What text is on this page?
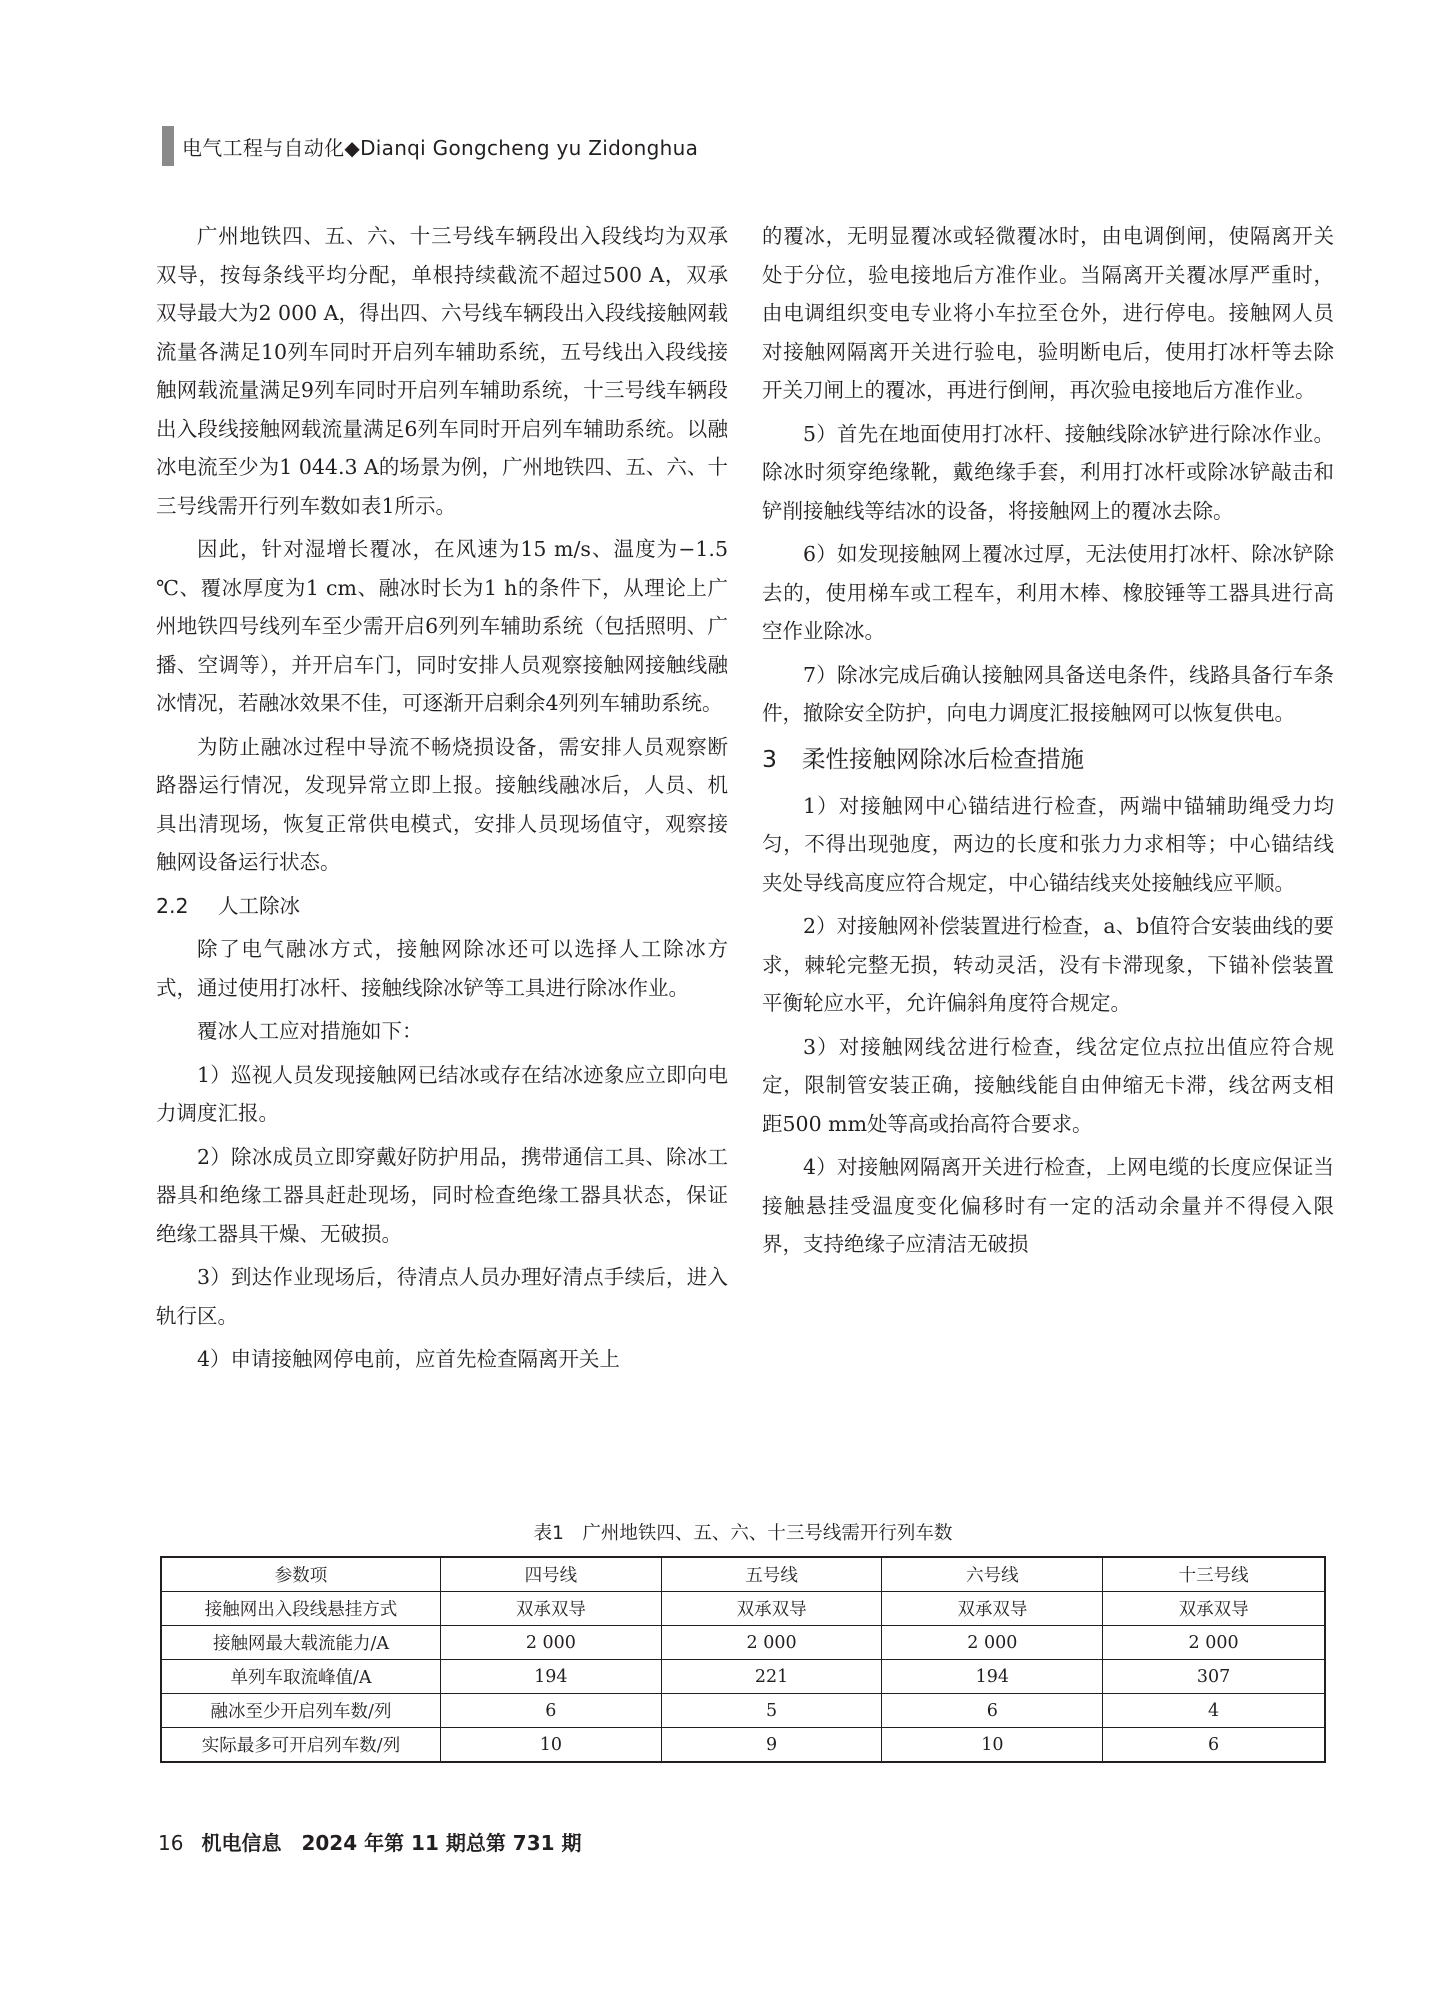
电气工程与自动化◆Dianqi Gongcheng yu Zidonghua

广州地铁四、五、六、十三号线车辆段出入段线均为双承双导，按每条线平均分配，单根持续截流不超过500 A，双承双导最大为2 000 A，得出四、六号线车辆段出入段线接触网载流量各满足10列车同时开启列车辅助系统，五号线出入段线接触网载流量满足9列车同时开启列车辅助系统，十三号线车辆段出入段线接触网载流量满足6列车同时开启列车辅助系统。以融冰电流至少为1 044.3 A的场景为例，广州地铁四、五、六、十三号线需开行列车数如表1所示。

因此，针对湿增长覆冰，在风速为15 m/s、温度为−1.5 ℃、覆冰厚度为1 cm、融冰时长为1 h的条件下，从理论上广州地铁四号线列车至少需开启6列列车辅助系统（包括照明、广播、空调等），并开启车门，同时安排人员观察接触网接触线融冰情况，若融冰效果不佳，可逐渐开启剩余4列列车辅助系统。

为防止融冰过程中导流不畅烧损设备，需安排人员观察断路器运行情况，发现异常立即上报。接触线融冰后，人员、机具出清现场，恢复正常供电模式，安排人员现场值守，观察接触网设备运行状态。

2.2 人工除冰

除了电气融冰方式，接触网除冰还可以选择人工除冰方式，通过使用打冰杆、接触线除冰铲等工具进行除冰作业。

覆冰人工应对措施如下：

1）巡视人员发现接触网已结冰或存在结冰迹象应立即向电力调度汇报。

2）除冰成员立即穿戴好防护用品，携带通信工具、除冰工器具和绝缘工器具赶赴现场，同时检查绝缘工器具状态，保证绝缘工器具干燥、无破损。

3）到达作业现场后，待清点人员办理好清点手续后，进入轨行区。

4）申请接触网停电前，应首先检查隔离开关上

的覆冰，无明显覆冰或轻微覆冰时，由电调倒闸，使隔离开关处于分位，验电接地后方准作业。当隔离开关覆冰厚严重时，由电调组织变电专业将小车拉至仓外，进行停电。接触网人员对接触网隔离开关进行验电，验明断电后，使用打冰杆等去除开关刀闸上的覆冰，再进行倒闸，再次验电接地后方准作业。

5）首先在地面使用打冰杆、接触线除冰铲进行除冰作业。除冰时须穿绝缘靴，戴绝缘手套，利用打冰杆或除冰铲敲击和铲削接触线等结冰的设备，将接触网上的覆冰去除。

6）如发现接触网上覆冰过厚，无法使用打冰杆、除冰铲除去的，使用梯车或工程车，利用木棒、橡胶锤等工器具进行高空作业除冰。

7）除冰完成后确认接触网具备送电条件，线路具备行车条件，撤除安全防护，向电力调度汇报接触网可以恢复供电。

3 柔性接触网除冰后检查措施

1）对接触网中心锚结进行检查，两端中锚辅助绳受力均匀，不得出现弛度，两边的长度和张力力求相等；中心锚结线夹处导线高度应符合规定，中心锚结线夹处接触线应平顺。

2）对接触网补偿装置进行检查，a、b值符合安装曲线的要求，棘轮完整无损，转动灵活，没有卡滞现象，下锚补偿装置平衡轮应水平，允许偏斜角度符合规定。

3）对接触网线岔进行检查，线岔定位点拉出值应符合规定，限制管安装正确，接触线能自由伸缩无卡滞，线岔两支相距500 mm处等高或抬高符合要求。

4）对接触网隔离开关进行检查，上网电缆的长度应保证当接触悬挂受温度变化偏移时有一定的活动余量并不得侵入限界，支持绝缘子应清洁无破损

表1　广州地铁四、五、六、十三号线需开行列车数
参数项	四号线	五号线	六号线	十三号线
接触网出入段线悬挂方式	双承双导	双承双导	双承双导	双承双导
接触网最大载流能力/A	2 000	2 000	2 000	2 000
单列车取流峰值/A	194	221	194	307
融冰至少开启列车数/列	6	5	6	4
实际最多可开启列车数/列	10	9	10	6
16 机电信息　2024 年第 11 期总第 731 期
